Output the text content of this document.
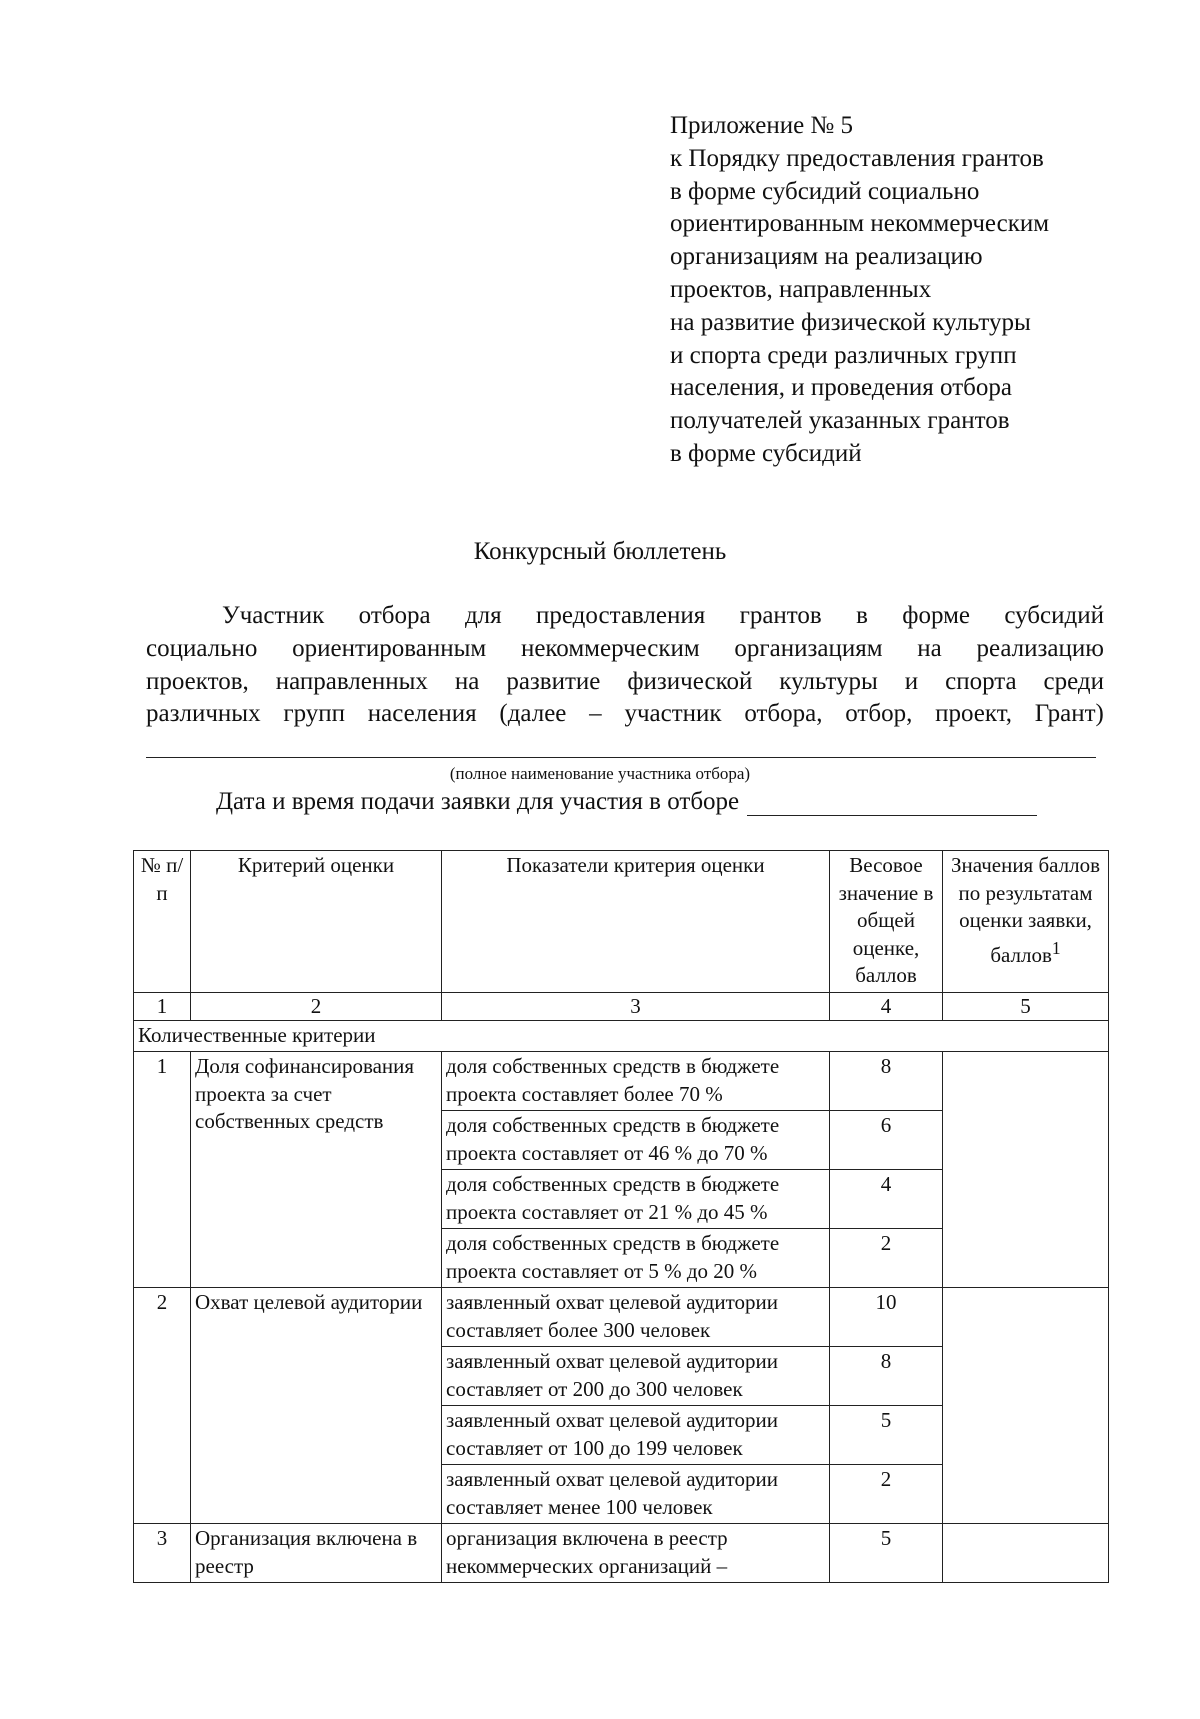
Приложение № 5
к Порядку предоставления грантов
в форме субсидий социально
ориентированным некоммерческим
организациям на реализацию
проектов, направленных
на развитие физической культуры
и спорта среди различных групп
населения, и проведения отбора
получателей указанных грантов
в форме субсидий
Конкурсный бюллетень
Участник отбора для предоставления грантов в форме субсидий
социально ориентированным некоммерческим организациям на реализацию
проектов, направленных на развитие физической культуры и спорта среди
различных групп населения (далее – участник отбора, отбор, проект, Грант)
(полное наименование участника отбора)
Дата и время подачи заявки для участия в отборе
№ п/п	Критерий оценки	Показатели критерия оценки	Весовое значение в общей оценке, баллов	Значения баллов по результатам оценки заявки, баллов$^1$
1	2	3	4	5
Количественные критерии				
1	Доля софинансирования проекта за счет собственных средств	доля собственных средств в бюджете проекта составляет более 70 %	8	
		доля собственных средств в бюджете проекта составляет от 46 % до 70 %	6	
		доля собственных средств в бюджете проекта составляет от 21 % до 45 %	4	
		доля собственных средств в бюджете проекта составляет от 5 % до 20 %	2	
2	Охват целевой аудитории	заявленный охват целевой аудитории составляет более 300 человек	10	
		заявленный охват целевой аудитории составляет от 200 до 300 человек	8	
		заявленный охват целевой аудитории составляет от 100 до 199 человек	5	
		заявленный охват целевой аудитории составляет менее 100 человек	2	
3	Организация включена в реестр	организация включена в реестр некоммерческих организаций –	5	
